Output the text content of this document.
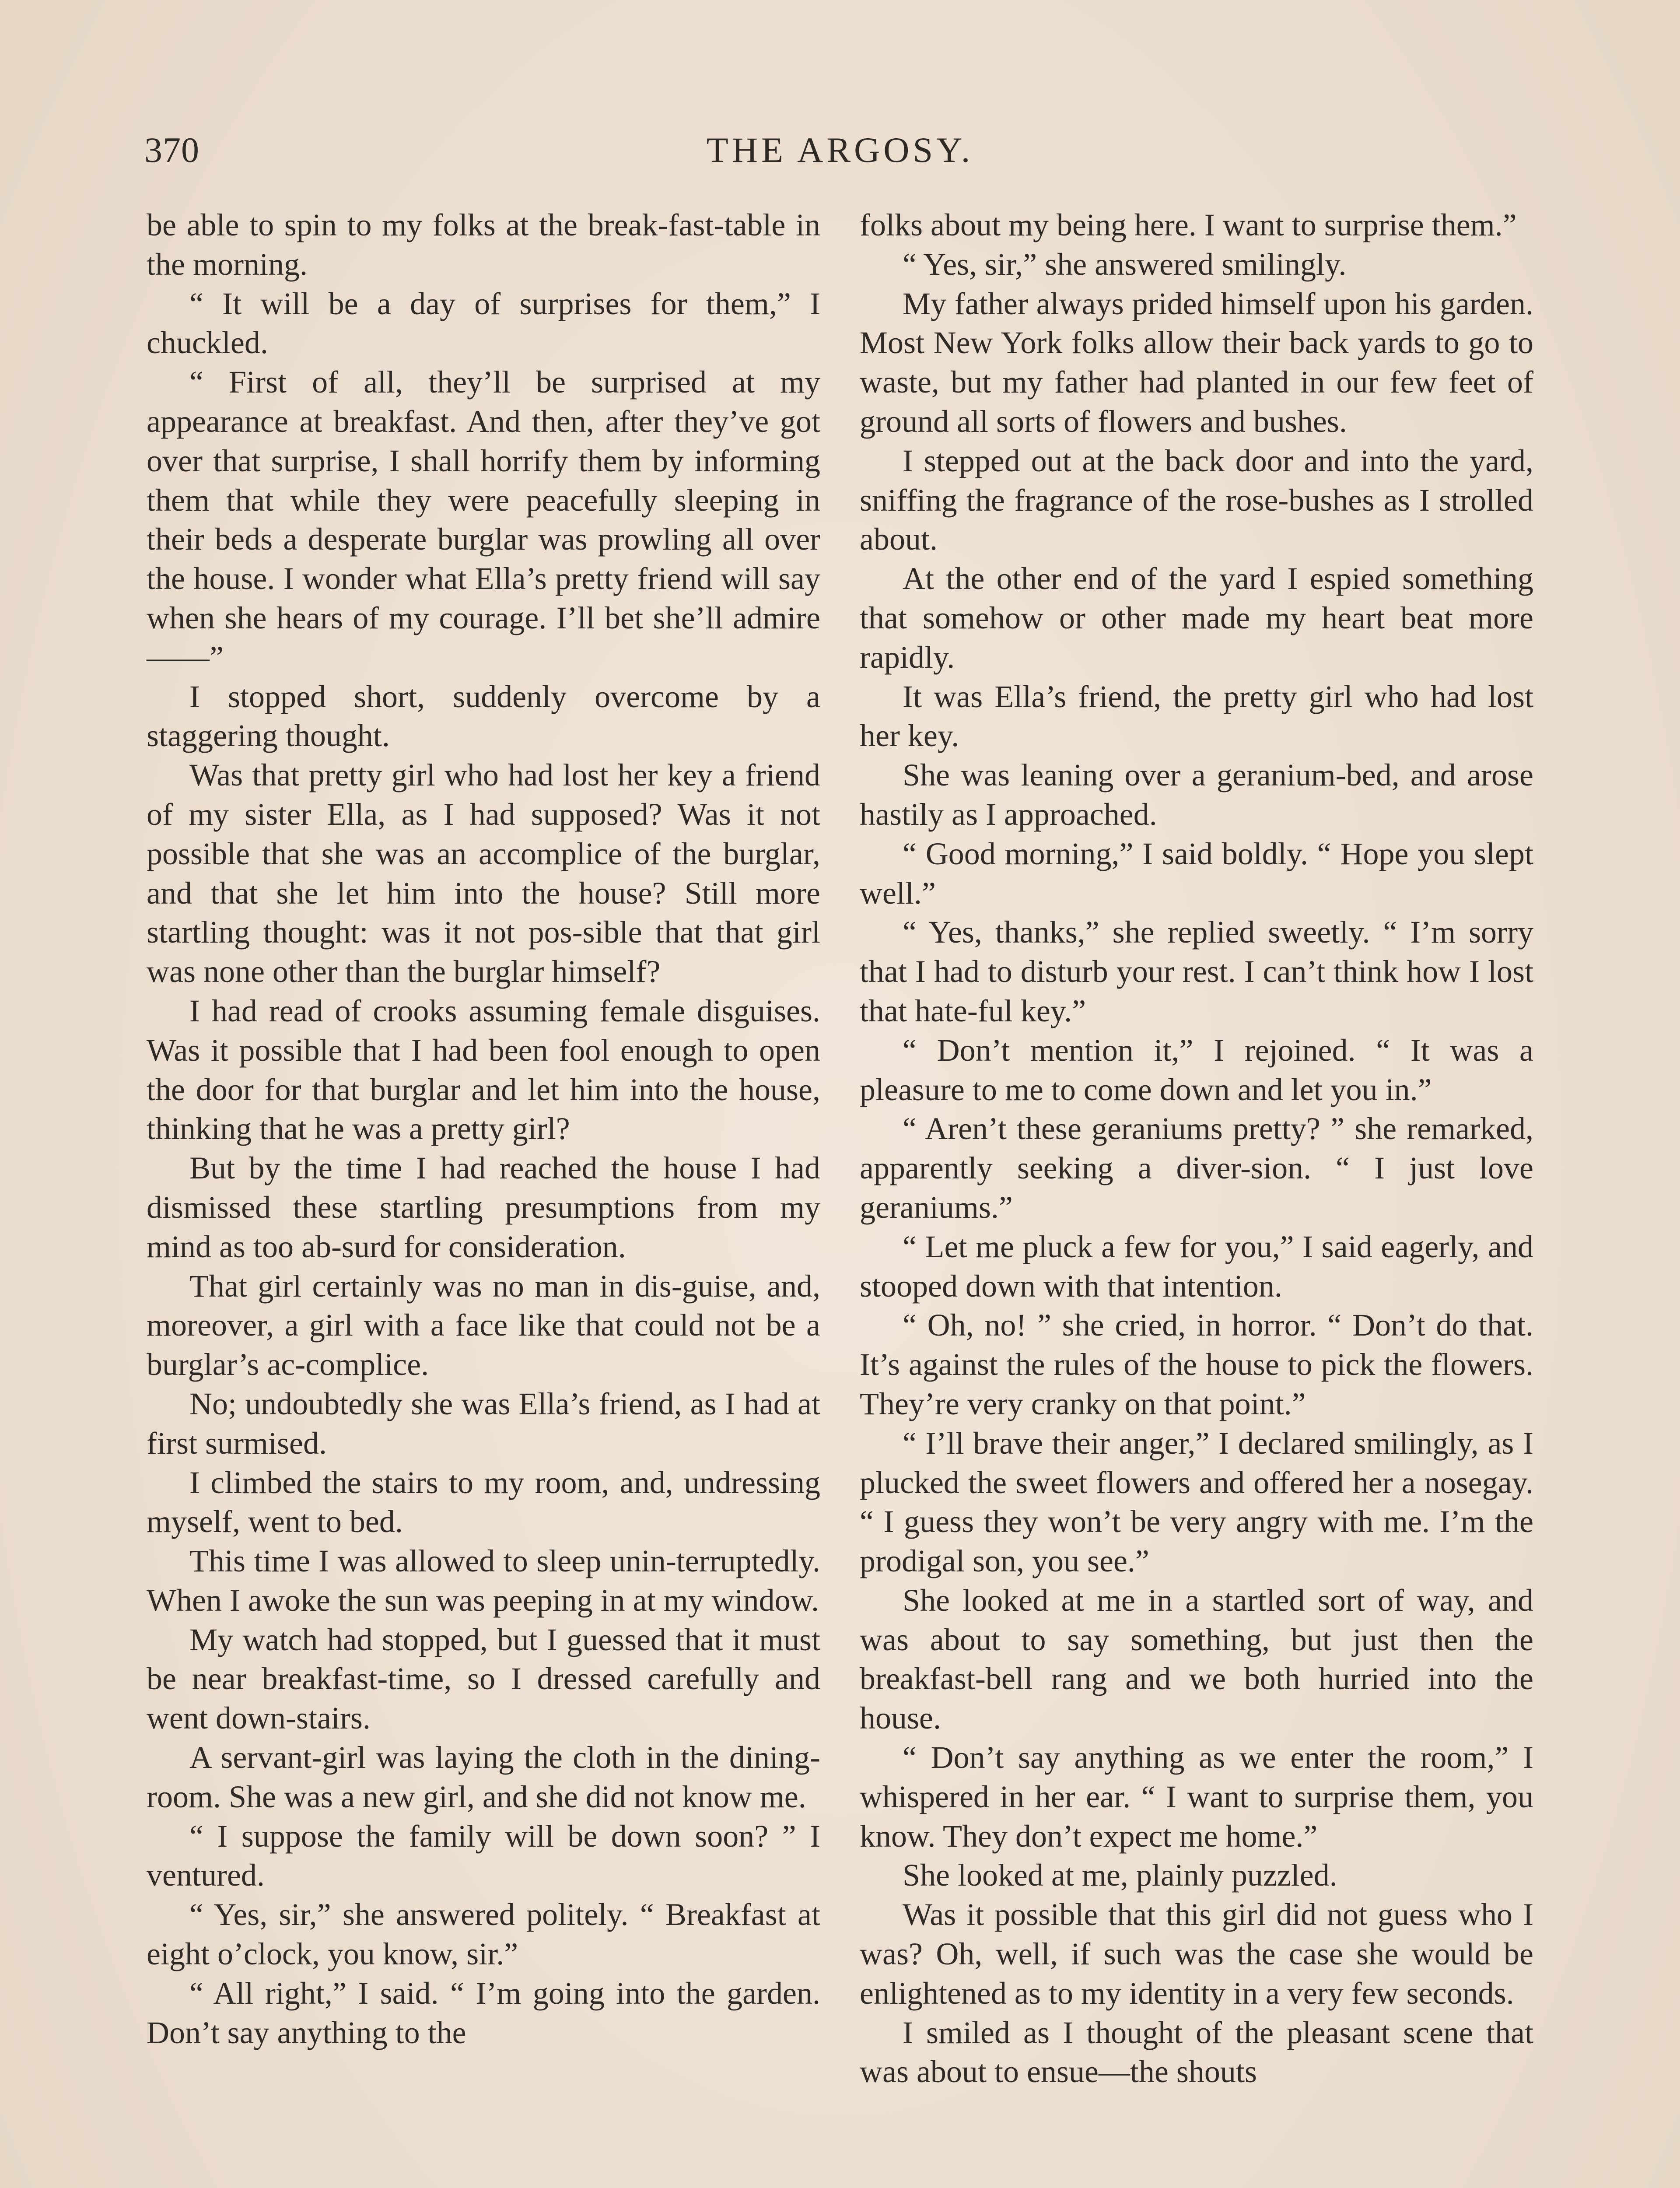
370	THE ARGOSY.

be able to spin to my folks at the break-fast-table in the morning.

“ It will be a day of surprises for them,” I chuckled.

“ First of all, they’ll be surprised at my appearance at breakfast. And then, after they’ve got over that surprise, I shall horrify them by informing them that while they were peacefully sleeping in their beds a desperate burglar was prowling all over the house. I wonder what Ella’s pretty friend will say when she hears of my courage. I’ll bet she’ll admire——”

I stopped short, suddenly overcome by a staggering thought.

Was that pretty girl who had lost her key a friend of my sister Ella, as I had supposed? Was it not possible that she was an accomplice of the burglar, and that she let him into the house? Still more startling thought: was it not pos-sible that that girl was none other than the burglar himself?

I had read of crooks assuming female disguises. Was it possible that I had been fool enough to open the door for that burglar and let him into the house, thinking that he was a pretty girl?

But by the time I had reached the house I had dismissed these startling presumptions from my mind as too ab-surd for consideration.

That girl certainly was no man in dis-guise, and, moreover, a girl with a face like that could not be a burglar’s ac-complice.

No; undoubtedly she was Ella’s friend, as I had at first surmised.

I climbed the stairs to my room, and, undressing myself, went to bed.

This time I was allowed to sleep unin-terruptedly. When I awoke the sun was peeping in at my window.

My watch had stopped, but I guessed that it must be near breakfast-time, so I dressed carefully and went down-stairs.

A servant-girl was laying the cloth in the dining-room. She was a new girl, and she did not know me.

“ I suppose the family will be down soon? ” I ventured.

“ Yes, sir,” she answered politely. “ Breakfast at eight o’clock, you know, sir.”

“ All right,” I said. “ I’m going into the garden. Don’t say anything to the

folks about my being here. I want to surprise them.”

“ Yes, sir,” she answered smilingly.

My father always prided himself upon his garden. Most New York folks allow their back yards to go to waste, but my father had planted in our few feet of ground all sorts of flowers and bushes.

I stepped out at the back door and into the yard, sniffing the fragrance of the rose-bushes as I strolled about.

At the other end of the yard I espied something that somehow or other made my heart beat more rapidly.

It was Ella’s friend, the pretty girl who had lost her key.

She was leaning over a geranium-bed, and arose hastily as I approached.

“ Good morning,” I said boldly. “ Hope you slept well.”

“ Yes, thanks,” she replied sweetly. “ I’m sorry that I had to disturb your rest. I can’t think how I lost that hate-ful key.”

“ Don’t mention it,” I rejoined. “ It was a pleasure to me to come down and let you in.”

“ Aren’t these geraniums pretty? ” she remarked, apparently seeking a diver-sion. “ I just love geraniums.”

“ Let me pluck a few for you,” I said eagerly, and stooped down with that intention.

“ Oh, no! ” she cried, in horror. “ Don’t do that. It’s against the rules of the house to pick the flowers. They’re very cranky on that point.”

“ I’ll brave their anger,” I declared smilingly, as I plucked the sweet flowers and offered her a nosegay. “ I guess they won’t be very angry with me. I’m the prodigal son, you see.”

She looked at me in a startled sort of way, and was about to say something, but just then the breakfast-bell rang and we both hurried into the house.

“ Don’t say anything as we enter the room,” I whispered in her ear. “ I want to surprise them, you know. They don’t expect me home.”

She looked at me, plainly puzzled.

Was it possible that this girl did not guess who I was? Oh, well, if such was the case she would be enlightened as to my identity in a very few seconds.

I smiled as I thought of the pleasant scene that was about to ensue—the shouts
